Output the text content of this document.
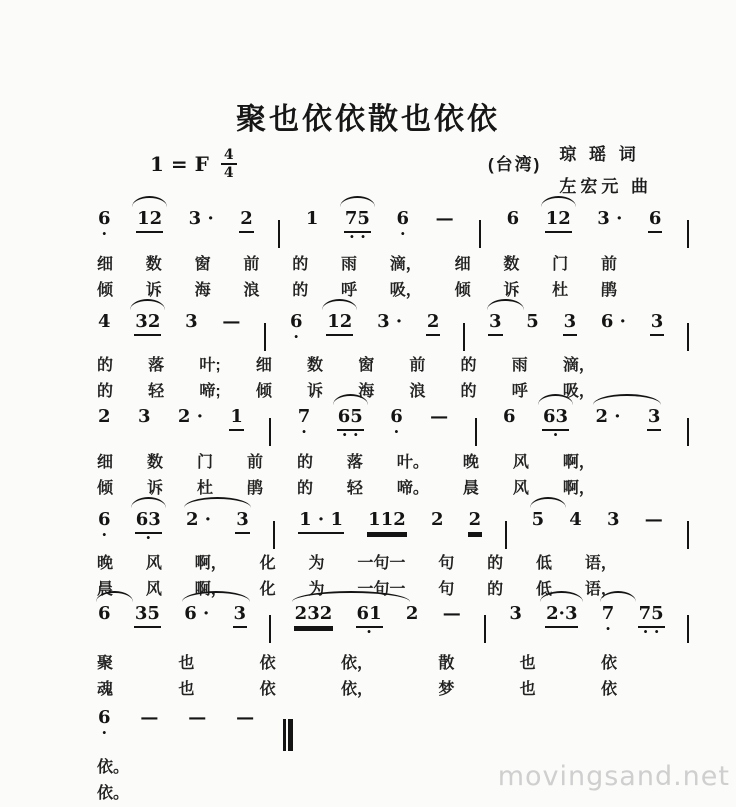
聚也依依散也依依
1 = F $\frac{4}{4}$	(台湾)
琼 瑶 词
左宏元 曲
6
·
12 3 · 2	1 75
· ·
6
·
—	6 12 3 · 6
细 数 窗 前 的 雨 滴， 细 数 门 前
倾 诉 海 浪 的 呼 吸， 倾 诉 杜 鹃
4 32 3 —	6
·
12 3 · 2	3 5 3 6 · 3
的 落 叶; 细 数 窗 前 的 雨 滴，
的 轻 啼; 倾 诉 海 浪 的 呼 吸，
2 3 2 · 1	7
·
65
· ·
6
·
—	6 63
·
2 · 3
细 数 门 前 的 落 叶。 晚 风 啊，
倾 诉 杜 鹃 的 轻 啼。 晨 风 啊，
6
·
63
·
2 · 3	1 · 1 112 2 2	5 4 3 —
晚 风 啊， 化 为 一句一 句 的 低 语，
晨 风 啊， 化 为 一句一 句 的 低 语，
6 35 6 · 3	232 61
·
2 —	3 2·3 7
·
75
· ·
聚	也	依	依，	散	也	依
魂	也	依	依，	梦	也	依
6
·
— — —
依。
依。
movingsand.net
